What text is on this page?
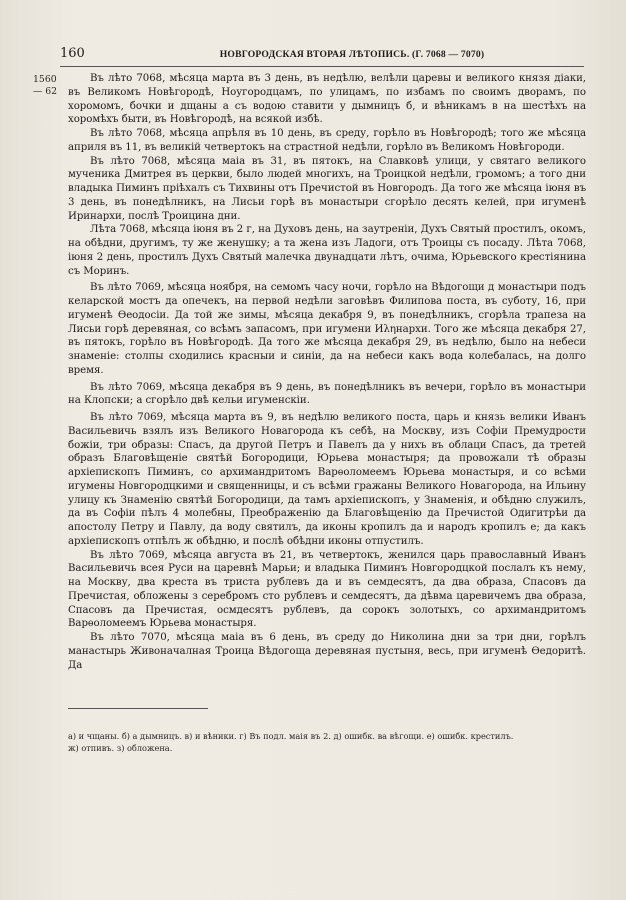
160	НОВГОРОДСКАЯ ВТОРАЯ ЛѢТОПИСЬ. (Г. 7068 — 7070)
1560
— 62

Въ лѣто 7068, мѣсяца марта въ 3 день, въ недѣлю, велѣли царевы и великого князя діаки, въ Великомъ Новѣгородѣ, Ноугородцамъ, по улицамъ, по избамъ по своимъ дворамъ, по хоромомъ, бочки и дщаны а съ водою ставити у дымницъ б, и вѣникамъ в на шестѣхъ на хоромѣхъ быти, въ Новѣгородѣ, на всякой избѣ.

Въ лѣто 7068, мѣсяца апрѣля въ 10 день, въ среду, горѣло въ Новѣгородѣ; того же мѣсяца априля въ 11, въ великій четвертокъ на страстной недѣли, горѣло въ Великомъ Новѣгороди.

Въ лѣто 7068, мѣсяца маіа въ 31, въ пятокъ, на Славковѣ улици, у святаго великого мученика Дмитрея въ церкви, было людей многихъ, на Троицкой недѣли, громомъ; а того дни владыка Пиминъ пріѣхалъ съ Тихвины отъ Пречистой въ Новгородъ. Да того же мѣсяца іюня въ 3 день, въ понедѣлникъ, на Лисьи горѣ въ монастыри сгорѣло десять келей, при игуменѣ Иринархи, послѣ Троицина дни.

Лѣта 7068, мѣсяца іюня въ 2 г, на Духовъ день, на заутреніи, Духъ Святый простилъ, окомъ, на обѣдни, другимъ, ту же женушку; а та жена изъ Ладоги, отъ Троицы съ посаду. Лѣта 7068, іюня 2 день, простилъ Духъ Святый малечка двунадцати лѣтъ, очима, Юрьевского крестіянина съ Моринъ.

Въ лѣто 7069, мѣсяца ноября, на семомъ часу ночи, горѣло на Вѣдогощи д монастыри подъ келарской мостъ да опечекъ, на первой недѣли заговѣвъ Филипова поста, въ суботу, 16, при игуменѣ Ѳеодосіи. Да той же зимы, мѣсяца декабря 9, въ понедѣлникъ, сгорѣла трапеза на Лисьи горѣ деревяная, со всѣмъ запасомъ, при игумени Иληнархи. Того же мѣсяца декабря 27, въ пятокъ, горѣло въ Новѣгородѣ. Да того же мѣсяца декабря 29, въ недѣлю, было на небеси знаменіе: столпы сходились красныи и синіи, да на небеси какъ вода колебалась, на долго время.

Въ лѣто 7069, мѣсяца декабря въ 9 день, въ понедѣлникъ въ вечери, горѣло въ монастыри на Клопски; а сгорѣло двѣ кельи игуменскіи.

Въ лѣто 7069, мѣсяца марта въ 9, въ недѣлю великого поста, царь и князь велики Иванъ Васильевичь взялъ изъ Великого Новагорода къ себѣ, на Москву, изъ Софіи Премудрости божіи, три образы: Спасъ, да другой Петръ и Павелъ да у нихъ въ облаци Спасъ, да третей образъ Благовѣщеніе святѣй Богородици, Юрьева монастыря; да провожали тѣ образы архіепископъ Пиминъ, со архимандритомъ Варѳоломеемъ Юрьева монастыря, и со всѣми игумены Новгородцкими и священницы, и съ всѣми гражаны Великого Новагорода, на Ильину улицу къ Знаменію святѣй Богородици, да тамъ архіепископъ, у Знаменія, и обѣдню служилъ, да въ Софіи пѣлъ 4 молебны, Преображенію да Благовѣщенію да Пречистой Одигитрѣи да апостолу Петру и Павлу, да воду святилъ, да иконы кропилъ да и народъ кропилъ е; да какъ архіепископъ отпѣлъ ж обѣдню, и послѣ обѣдни иконы отпустилъ.

Въ лѣто 7069, мѣсяца августа въ 21, въ четвертокъ, женился царь православный Иванъ Васильевичь всея Руси на царевнѣ Марьи; и владыка Пиминъ Новгородцкой послалъ къ нему, на Москву, два креста въ триста рублевъ да и въ семдесятъ, да два образа, Спасовъ да Пречистая, обложены з серебромъ сто рублевъ и семдесятъ, да дѣвма царевичемъ два образа, Спасовъ да Пречистая, осмдесятъ рублевъ, да сорокъ золотыхъ, со архимандритомъ Варѳоломеемъ Юрьева монастыря.

Въ лѣто 7070, мѣсяца маіа въ 6 день, въ среду до Николина дни за три дни, горѣлъ манастырь Живоначалная Троица Вѣдогоща деревяная пустыня, весь, при игуменѣ Ѳедоритѣ. Да

а) и чщаны. б) а дымницъ. в) и вѣники. г) Въ подл. маія въ 2. д) ошибк. ва вѣгощи. е) ошибк. крестилъ.
ж) отпивъ. з) обложена.
